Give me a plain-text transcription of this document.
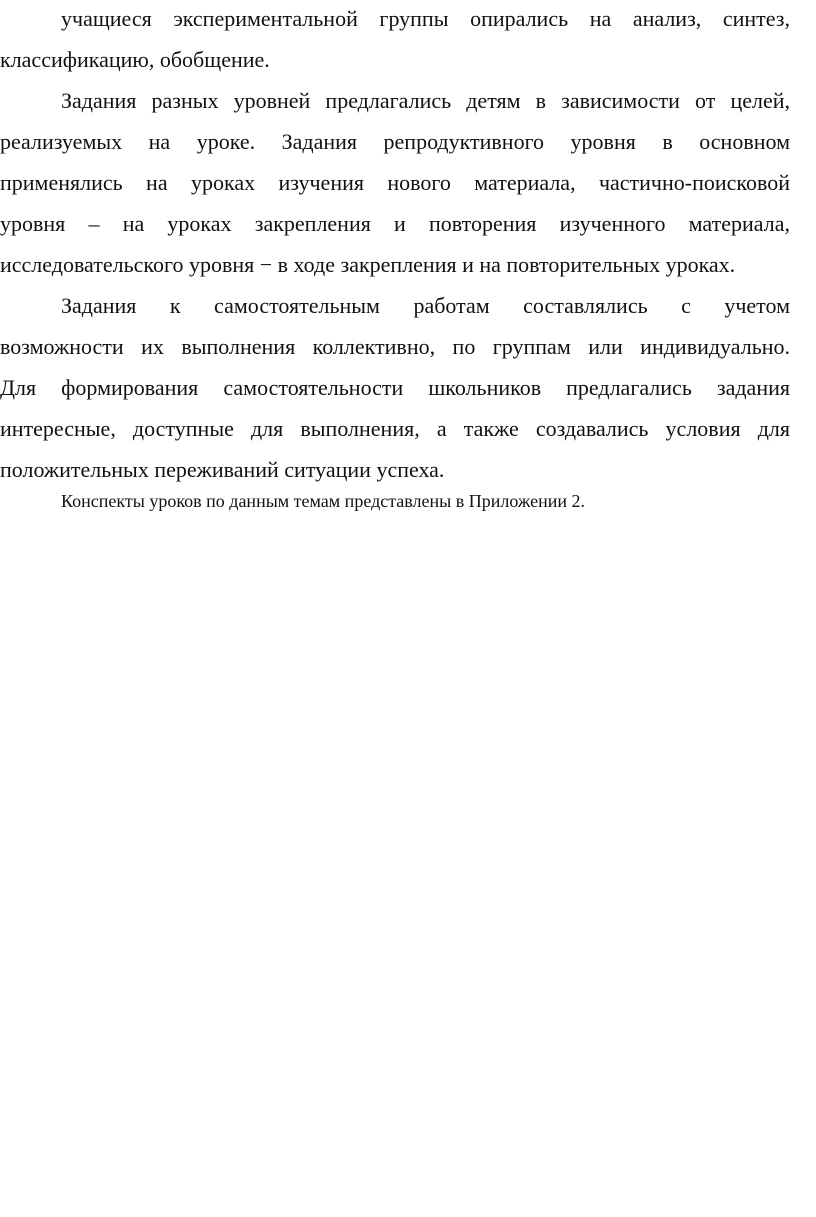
учащиеся экспериментальной группы опирались на анализ, синтез,
классификацию, обобщение.
Задания разных уровней предлагались детям в зависимости от целей,
реализуемых на уроке. Задания репродуктивного уровня в основном
применялись на уроках изучения нового материала, частично-поисковой
уровня – на уроках закрепления и повторения изученного материала,
исследовательского уровня − в ходе закрепления и на повторительных уроках.
Задания к самостоятельным работам составлялись с учетом
возможности их выполнения коллективно, по группам или индивидуально.
Для формирования самостоятельности школьников предлагались задания
интересные, доступные для выполнения, а также создавались условия для
положительных переживаний ситуации успеха.
Конспекты уроков по данным темам представлены в Приложении 2.
